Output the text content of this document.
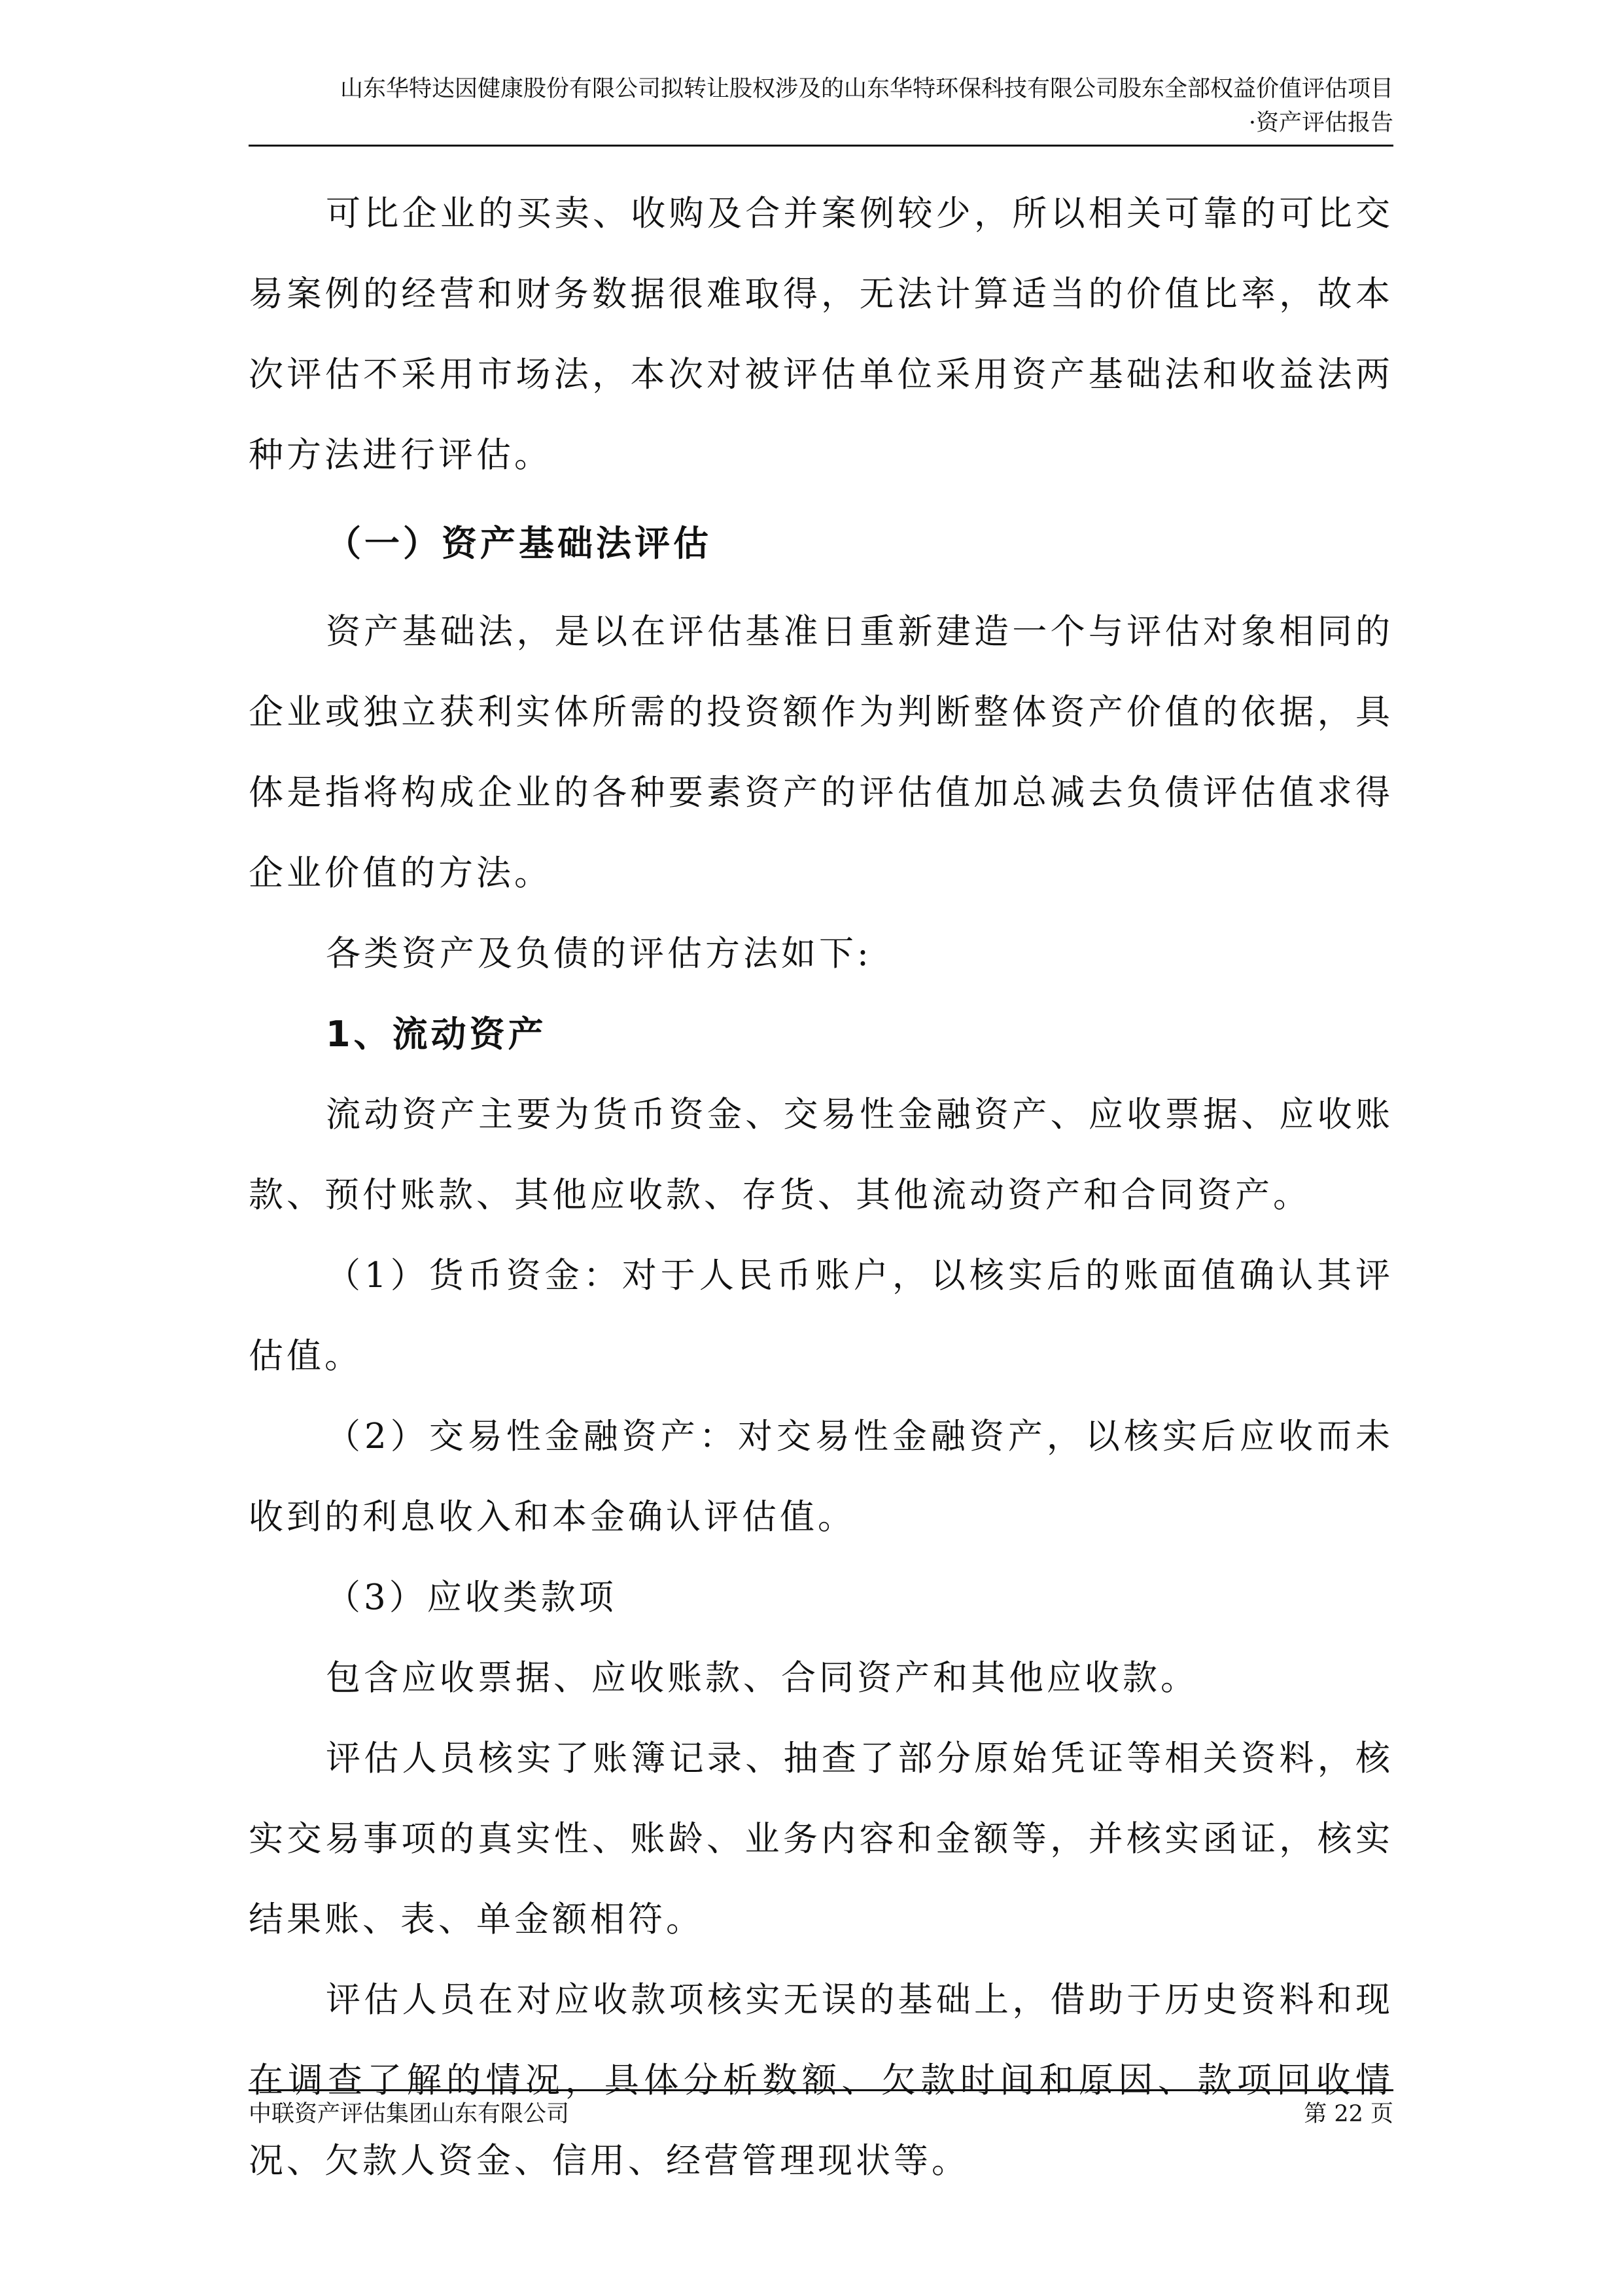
山东华特达因健康股份有限公司拟转让股权涉及的山东华特环保科技有限公司股东全部权益价值评估项目
·资产评估报告

可比企业的买卖、收购及合并案例较少，所以相关可靠的可比交易案例的经营和财务数据很难取得，无法计算适当的价值比率，故本次评估不采用市场法，本次对被评估单位采用资产基础法和收益法两种方法进行评估。

（一）资产基础法评估

资产基础法，是以在评估基准日重新建造一个与评估对象相同的企业或独立获利实体所需的投资额作为判断整体资产价值的依据，具体是指将构成企业的各种要素资产的评估值加总减去负债评估值求得企业价值的方法。

各类资产及负债的评估方法如下:

1、流动资产

流动资产主要为货币资金、交易性金融资产、应收票据、应收账款、预付账款、其他应收款、存货、其他流动资产和合同资产。

（1）货币资金：对于人民币账户，以核实后的账面值确认其评估值。

（2）交易性金融资产：对交易性金融资产，以核实后应收而未收到的利息收入和本金确认评估值。

（3）应收类款项

包含应收票据、应收账款、合同资产和其他应收款。

评估人员核实了账簿记录、抽查了部分原始凭证等相关资料，核实交易事项的真实性、账龄、业务内容和金额等，并核实函证，核实结果账、表、单金额相符。

评估人员在对应收款项核实无误的基础上，借助于历史资料和现在调查了解的情况，具体分析数额、欠款时间和原因、款项回收情况、欠款人资金、信用、经营管理现状等。

中联资产评估集团山东有限公司	第 22 页
